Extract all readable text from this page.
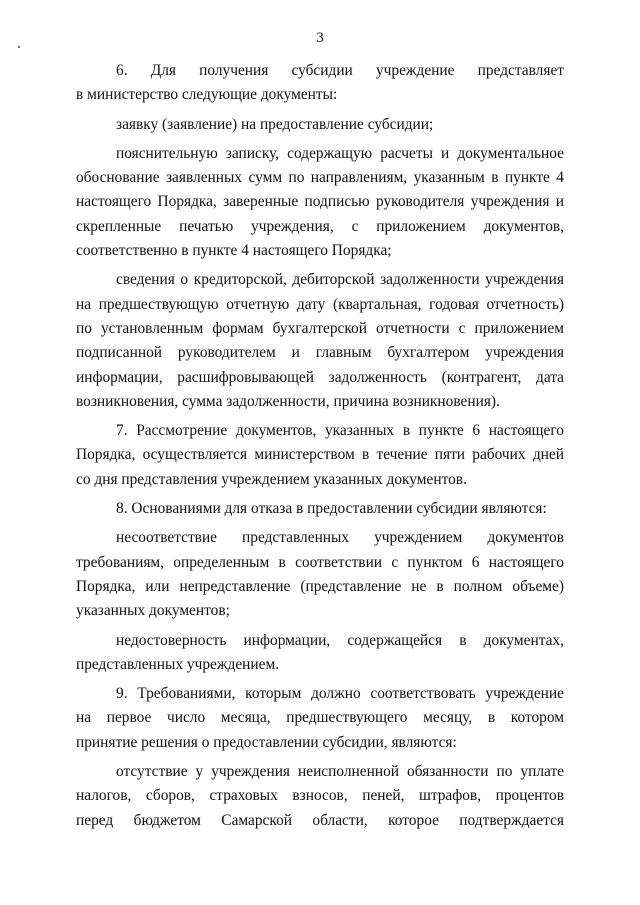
3
6. Для получения субсидии учреждение представляет
в министерство следующие документы:
заявку (заявление) на предоставление субсидии;
пояснительную записку, содержащую расчеты и документальное
обоснование заявленных сумм по направлениям, указанным в пункте 4
настоящего Порядка, заверенные подписью руководителя учреждения и
скрепленные печатью учреждения, с приложением документов,
соответственно в пункте 4 настоящего Порядка;
сведения о кредиторской, дебиторской задолженности учреждения
на предшествующую отчетную дату (квартальная, годовая отчетность)
по установленным формам бухгалтерской отчетности с приложением
подписанной руководителем и главным бухгалтером учреждения
информации, расшифровывающей задолженность (контрагент, дата
возникновения, сумма задолженности, причина возникновения).
7. Рассмотрение документов, указанных в пункте 6 настоящего
Порядка, осуществляется министерством в течение пяти рабочих дней
со дня представления учреждением указанных документов.
8. Основаниями для отказа в предоставлении субсидии являются:
несоответствие представленных учреждением документов
требованиям, определенным в соответствии с пунктом 6 настоящего
Порядка, или непредставление (представление не в полном объеме)
указанных документов;
недостоверность информации, содержащейся в документах,
представленных учреждением.
9. Требованиями, которым должно соответствовать учреждение
на первое число месяца, предшествующего месяцу, в котором
принятие решения о предоставлении субсидии, являются:
отсутствие у учреждения неисполненной обязанности по уплате
налогов, сборов, страховых взносов, пеней, штрафов, процентов
перед бюджетом Самарской области, которое подтверждается
